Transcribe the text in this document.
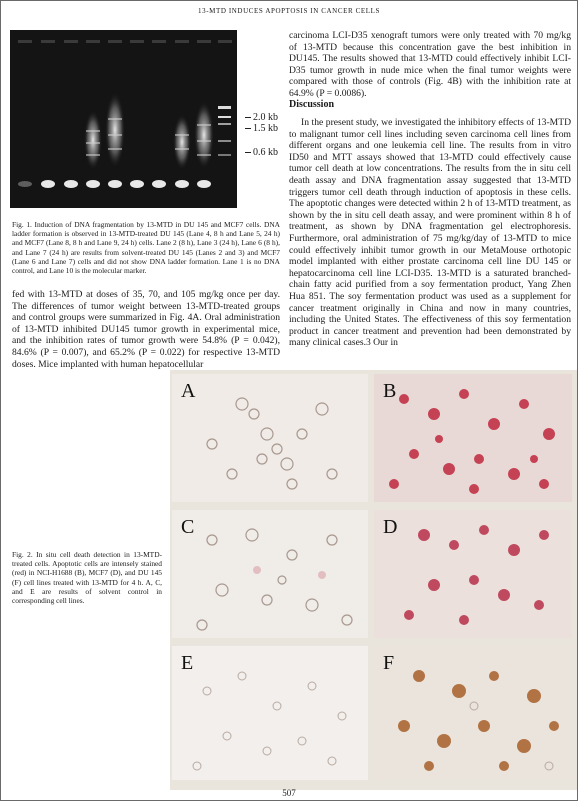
13-MTD INDUCES APOPTOSIS IN CANCER CELLS
2.0 kb
1.5 kb
0.6 kb
Fig. 1. Induction of DNA fragmentation by 13-MTD in DU 145 and MCF7 cells. DNA ladder formation is observed in 13-MTD-treated DU 145 (Lane 4, 8 h and Lane 5, 24 h) and MCF7 (Lane 8, 8 h and Lane 9, 24 h) cells. Lane 2 (8 h), Lane 3 (24 h), Lane 6 (8 h), and Lane 7 (24 h) are results from solvent-treated DU 145 (Lanes 2 and 3) and MCF7 (Lane 6 and Lane 7) cells and did not show DNA ladder formation. Lane 1 is no DNA control, and Lane 10 is the molecular marker.

fed with 13-MTD at doses of 35, 70, and 105 mg/kg once per day. The differences of tumor weight between 13-MTD-treated groups and control groups were summarized in Fig. 4A. Oral administration of 13-MTD inhibited DU145 tumor growth in experimental mice, and the inhibition rates of tumor growth were 54.8% (P = 0.042), 84.6% (P = 0.007), and 65.2% (P = 0.022) for respective 13-MTD doses. Mice implanted with human hepatocellular

carcinoma LCI-D35 xenograft tumors were only treated with 70 mg/kg of 13-MTD because this concentration gave the best inhibition in DU145. The results showed that 13-MTD could effectively inhibit LCI-D35 tumor growth in nude mice when the final tumor weights were compared with those of controls (Fig. 4B) with the inhibition rate at 64.9% (P = 0.0086).

Discussion

In the present study, we investigated the inhibitory effects of 13-MTD to malignant tumor cell lines including seven carcinoma cell lines from different organs and one leukemia cell line. The results from in vitro ID50 and MTT assays showed that 13-MTD could effectively cause tumor cell death at low concentrations. The results from the in situ cell death assay and DNA fragmentation assay suggested that 13-MTD triggers tumor cell death through induction of apoptosis in these cells. The apoptotic changes were detected within 2 h of 13-MTD treatment, as shown by the in situ cell death assay, and were prominent within 8 h of treatment, as shown by DNA fragmentation gel electrophoresis. Furthermore, oral administration of 75 mg/kg/day of 13-MTD to mice could effectively inhibit tumor growth in our MetaMouse orthotopic model implanted with either prostate carcinoma cell line DU 145 or hepatocarcinoma cell line LCI-D35. 13-MTD is a saturated branched-chain fatty acid purified from a soy fermentation product, Yang Zhen Hua 851. The soy fermentation product was used as a supplement for cancer treatment originally in China and now in many countries, including the United States. The effectiveness of this soy fermentation product in cancer treatment and prevention had been demonstrated by many clinical cases.3 Our in

Fig. 2. In situ cell death detection in 13-MTD-treated cells. Apoptotic cells are intensely stained (red) in NCI-H1688 (B), MCF7 (D), and DU 145 (F) cell lines treated with 13-MTD for 4 h. A, C, and E are results of solvent control in corresponding cell lines.
A	B
C	D
E	F
507
